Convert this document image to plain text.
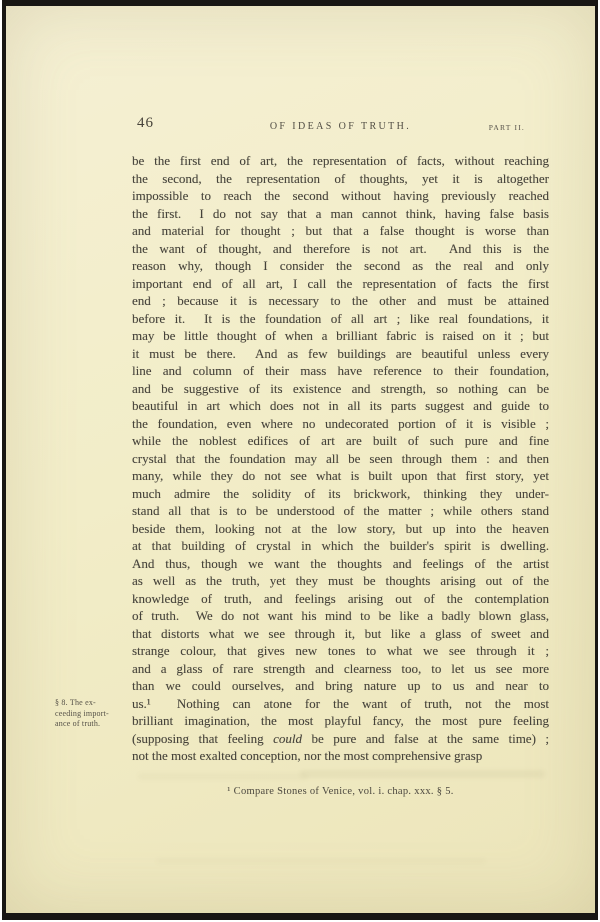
46	OF IDEAS OF TRUTH.	PART II.
§ 8. The ex-
ceeding import-
ance of truth.
be the first end of art, the representation of facts, without reaching
the second, the representation of thoughts, yet it is altogether
impossible to reach the second without having previously reached
the first.  I do not say that a man cannot think, having false basis
and material for thought ; but that a false thought is worse than
the want of thought, and therefore is not art.  And this is the
reason why, though I consider the second as the real and only
important end of all art, I call the representation of facts the first
end ; because it is necessary to the other and must be attained
before it.  It is the foundation of all art ; like real foundations, it
may be little thought of when a brilliant fabric is raised on it ; but
it must be there.  And as few buildings are beautiful unless every
line and column of their mass have reference to their foundation,
and be suggestive of its existence and strength, so nothing can be
beautiful in art which does not in all its parts suggest and guide to
the foundation, even where no undecorated portion of it is visible ;
while the noblest edifices of art are built of such pure and fine
crystal that the foundation may all be seen through them : and then
many, while they do not see what is built upon that first story, yet
much admire the solidity of its brickwork, thinking they under-
stand all that is to be understood of the matter ; while others stand
beside them, looking not at the low story, but up into the heaven
at that building of crystal in which the builder's spirit is dwelling.
And thus, though we want the thoughts and feelings of the artist
as well as the truth, yet they must be thoughts arising out of the
knowledge of truth, and feelings arising out of the contemplation
of truth.  We do not want his mind to be like a badly blown glass,
that distorts what we see through it, but like a glass of sweet and
strange colour, that gives new tones to what we see through it ;
and a glass of rare strength and clearness too, to let us see more
than we could ourselves, and bring nature up to us and near to
us.¹  Nothing can atone for the want of truth, not the most
brilliant imagination, the most playful fancy, the most pure feeling
(supposing that feeling could be pure and false at the same time) ;
not the most exalted conception, nor the most comprehensive grasp
¹ Compare Stones of Venice, vol. i. chap. xxx. § 5.
